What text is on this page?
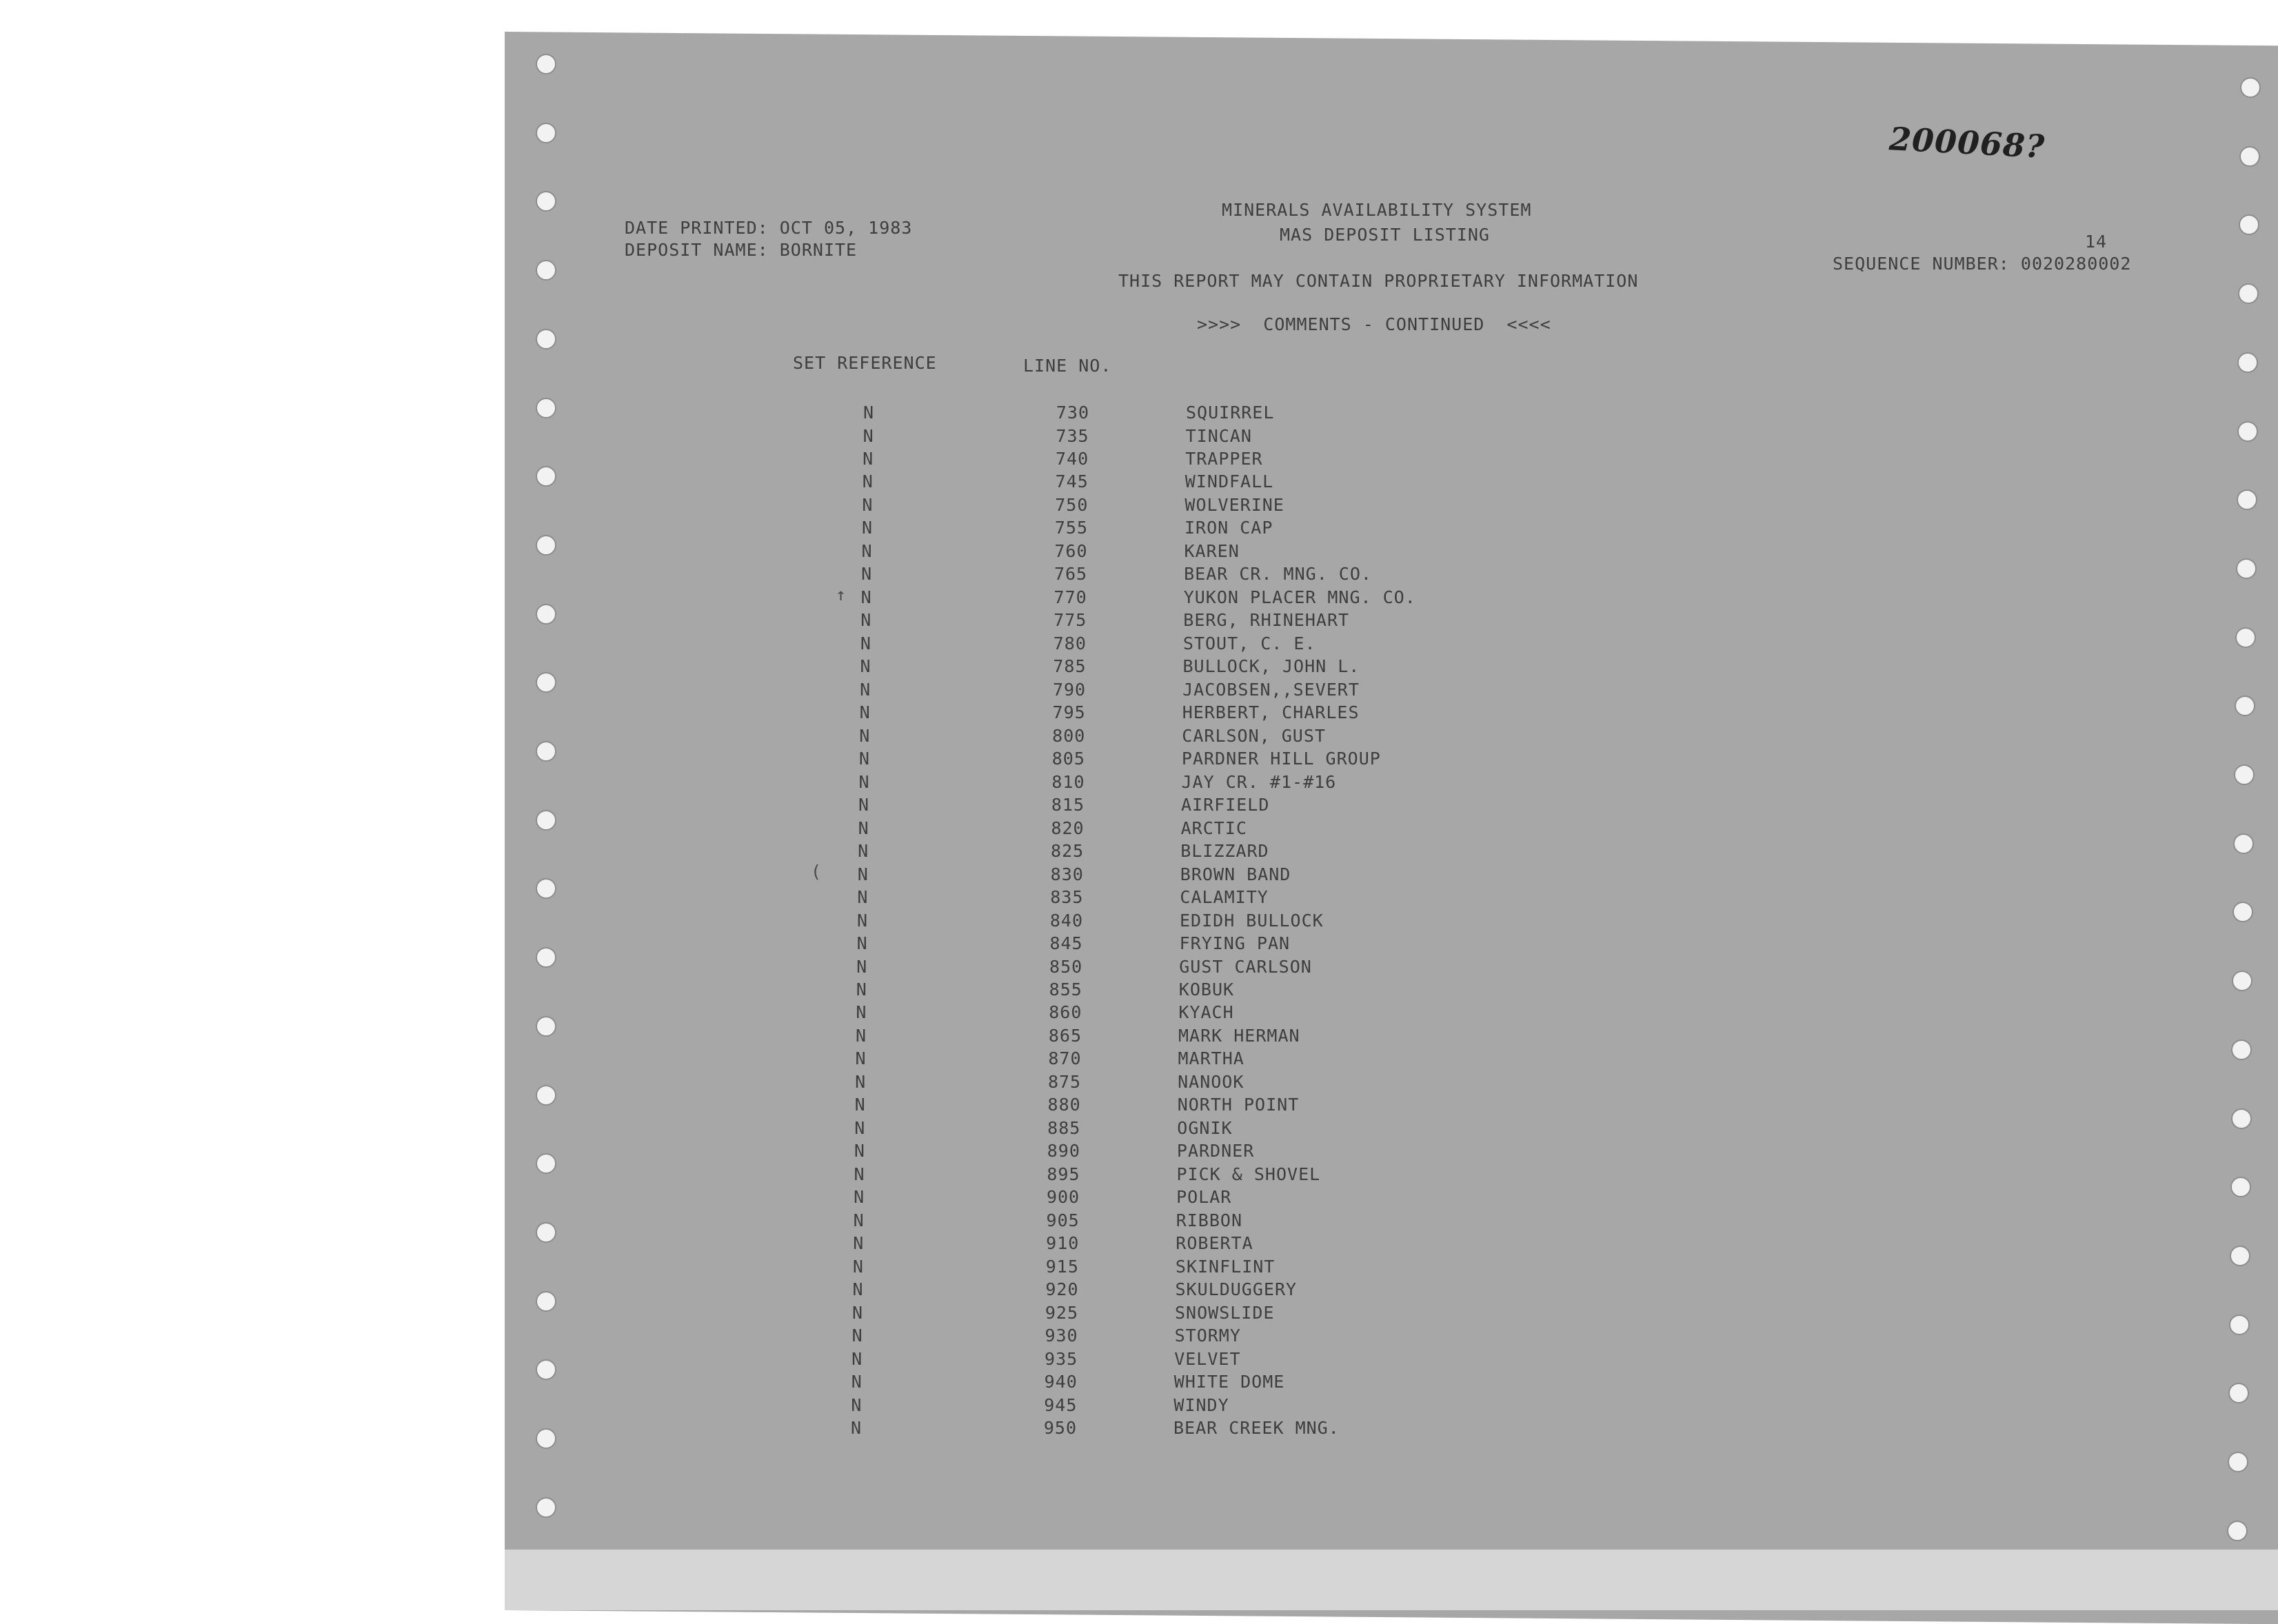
200068?
DATE PRINTED: OCT 05, 1983
DEPOSIT NAME: BORNITE
MINERALS AVAILABILITY SYSTEM
MAS DEPOSIT LISTING
THIS REPORT MAY CONTAIN PROPRIETARY INFORMATION
>>>>  COMMENTS - CONTINUED  <<<<
14
SEQUENCE NUMBER: 0020280002
SET REFERENCE	LINE NO.
↑
(
N	730	SQUIRREL
N	735	TINCAN
N	740	TRAPPER
N	745	WINDFALL
N	750	WOLVERINE
N	755	IRON CAP
N	760	KAREN
N	765	BEAR CR. MNG. CO.
N	770	YUKON PLACER MNG. CO.
N	775	BERG, RHINEHART
N	780	STOUT, C. E.
N	785	BULLOCK, JOHN L.
N	790	JACOBSEN,,SEVERT
N	795	HERBERT, CHARLES
N	800	CARLSON, GUST
N	805	PARDNER HILL GROUP
N	810	JAY CR. #1-#16
N	815	AIRFIELD
N	820	ARCTIC
N	825	BLIZZARD
N	830	BROWN BAND
N	835	CALAMITY
N	840	EDIDH BULLOCK
N	845	FRYING PAN
N	850	GUST CARLSON
N	855	KOBUK
N	860	KYACH
N	865	MARK HERMAN
N	870	MARTHA
N	875	NANOOK
N	880	NORTH POINT
N	885	OGNIK
N	890	PARDNER
N	895	PICK & SHOVEL
N	900	POLAR
N	905	RIBBON
N	910	ROBERTA
N	915	SKINFLINT
N	920	SKULDUGGERY
N	925	SNOWSLIDE
N	930	STORMY
N	935	VELVET
N	940	WHITE DOME
N	945	WINDY
N	950	BEAR CREEK MNG.
